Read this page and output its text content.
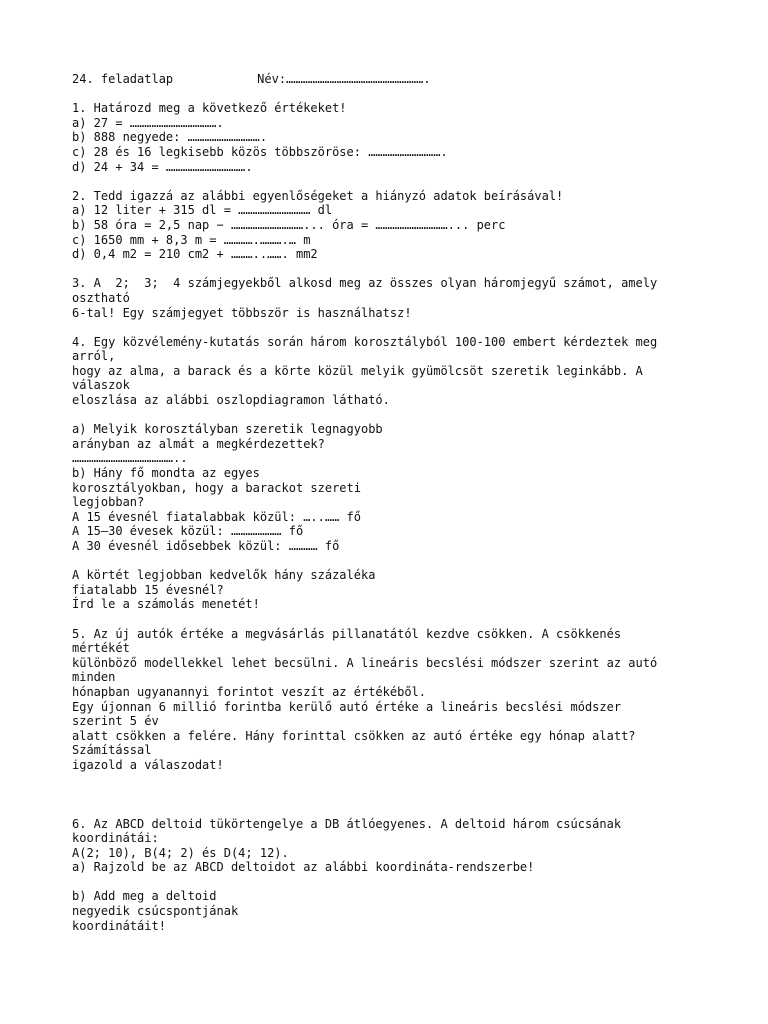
24. feladatlap	Név:………………………………………………….
1. Határozd meg a következő értékeket!
a) 27 = ……………………………….
b) 888 negyede: ………………………….
c) 28 és 16 legkisebb közös többszöröse: ………………………….
d) 24 + 34 = …………………………….
2. Tedd igazzá az alábbi egyenlőségeket a hiányzó adatok beírásával!
a) 12 liter + 315 dl = ………………………… dl
b) 58 óra = 2,5 nap − …………………………... óra = …………………………... perc
c) 1650 mm + 8,3 m = ………….……….… m
d) 0,4 m2 = 210 cm2 + ………..……. mm2
3. A  2;  3;  4 számjegyekből alkosd meg az összes olyan háromjegyű számot, amely
osztható
6-tal! Egy számjegyet többször is használhatsz!
4. Egy közvélemény-kutatás során három korosztályból 100-100 embert kérdeztek meg
arról,
hogy az alma, a barack és a körte közül melyik gyümölcsöt szeretik leginkább. A
válaszok
eloszlása az alábbi oszlopdiagramon látható.
a) Melyik korosztályban szeretik legnagyobb
arányban az almát a megkérdezettek?
……………………………………..
b) Hány fő mondta az egyes
korosztályokban, hogy a barackot szereti
legjobban?
A 15 évesnél fiatalabbak közül: …..…… fő
A 15–30 évesek közül: ………………… fő
A 30 évesnél idősebbek közül: ………… fő
A körtét legjobban kedvelők hány százaléka
fiatalabb 15 évesnél?
Írd le a számolás menetét!
5. Az új autók értéke a megvásárlás pillanatától kezdve csökken. A csökkenés
mértékét
különböző modellekkel lehet becsülni. A lineáris becslési módszer szerint az autó
minden
hónapban ugyanannyi forintot veszít az értékéből.
Egy újonnan 6 millió forintba kerülő autó értéke a lineáris becslési módszer
szerint 5 év
alatt csökken a felére. Hány forinttal csökken az autó értéke egy hónap alatt?
Számítással
igazold a válaszodat!
6. Az ABCD deltoid tükörtengelye a DB átlóegyenes. A deltoid három csúcsának
koordinátái:
A(2; 10), B(4; 2) és D(4; 12).
a) Rajzold be az ABCD deltoidot az alábbi koordináta-rendszerbe!
b) Add meg a deltoid
negyedik csúcspontjának
koordinátáit!
